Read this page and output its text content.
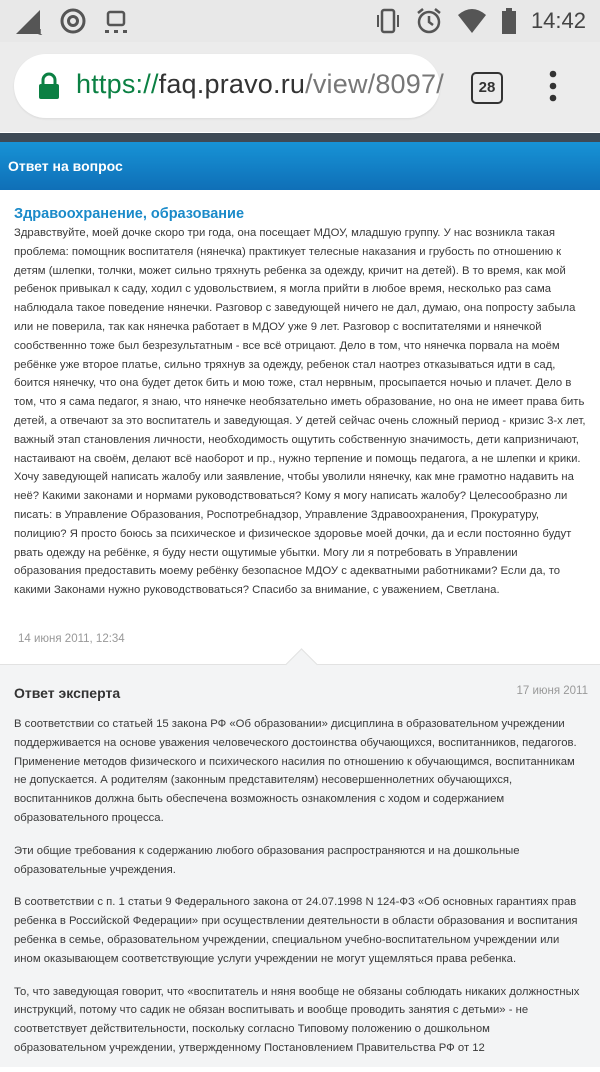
1	14:42
https://faq.pravo.ru/view/8097/	28
Ответ на вопрос
Здравоохранение, образование

Здравствуйте, моей дочке скоро три года, она посещает МДОУ, младшую группу. У нас возникла такая проблема: помощник воспитателя (нянечка) практикует телесные наказания и грубость по отношению к детям (шлепки, толчки, может сильно тряхнуть ребенка за одежду, кричит на детей). В то время, как мой ребенок привыкал к саду, ходил с удовольствием, я могла прийти в любое время, несколько раз сама наблюдала такое поведение нянечки. Разговор с заведующей ничего не дал, думаю, она попросту забыла или не поверила, так как нянечка работает в МДОУ уже 9 лет. Разговор с воспитателями и нянечкой сообственнно тоже был безрезультатным - все всё отрицают. Дело в том, что нянечка порвала на моём ребёнке уже второе платье, сильно тряхнув за одежду, ребенок стал наотрез отказываться идти в сад, боится нянечку, что она будет деток бить и мою тоже, стал нервным, просыпается ночью и плачет. Дело в том, что я сама педагог, я знаю, что нянечке необязательно иметь образование, но она не имеет права бить детей, а отвечают за это воспитатель и заведующая. У детей сейчас очень сложный период - кризис 3-х лет, важный этап становления личности, необходимость ощутить собственную значимость, дети капризничают, настаивают на своём, делают всё наоборот и пр., нужно терпение и помощь педагога, а не шлепки и крики. Хочу заведующей написать жалобу или заявление, чтобы уволили нянечку, как мне грамотно надавить на неё? Какими законами и нормами руководствоваться? Кому я могу написать жалобу? Целесообразно ли писать: в Управление Образования, Роспотребнадзор, Управление Здравоохранения, Прокуратуру, полицию? Я просто боюсь за психическое и физическое здоровье моей дочки, да и если постоянно будут рвать одежду на ребёнке, я буду нести ощутимые убытки. Могу ли я потребовать в Управлении образования предоставить моему ребёнку безопасное МДОУ с адекватными работниками? Если да, то какими Законами нужно руководствоваться? Спасибо за внимание, с уважением, Светлана.

14 июня 2011, 12:34
Ответ эксперта	17 июня 2011

В соответствии со статьей 15 закона РФ «Об образовании» дисциплина в образовательном учреждении поддерживается на основе уважения человеческого достоинства обучающихся, воспитанников, педагогов. Применение методов физического и психического насилия по отношению к обучающимся, воспитанникам не допускается. А родителям (законным представителям) несовершеннолетних обучающихся, воспитанников должна быть обеспечена возможность ознакомления с ходом и содержанием образовательного процесса.

Эти общие требования к содержанию любого образования распространяются и на дошкольные образовательные учреждения.

В соответствии с п. 1 статьи 9 Федерального закона от 24.07.1998 N 124-ФЗ «Об основных гарантиях прав ребенка в Российской Федерации» при осуществлении деятельности в области образования и воспитания ребенка в семье, образовательном учреждении, специальном учебно-воспитательном учреждении или ином оказывающем соответствующие услуги учреждении не могут ущемляться права ребенка.

То, что заведующая говорит, что «воспитатель и няня вообще не обязаны соблюдать никаких должностных инструкций, потому что садик не обязан воспитывать и вообще проводить занятия с детьми» - не соответствует действительности, поскольку согласно Типовому положению о дошкольном образовательном учреждении, утвержденному Постановлением Правительства РФ от 12
